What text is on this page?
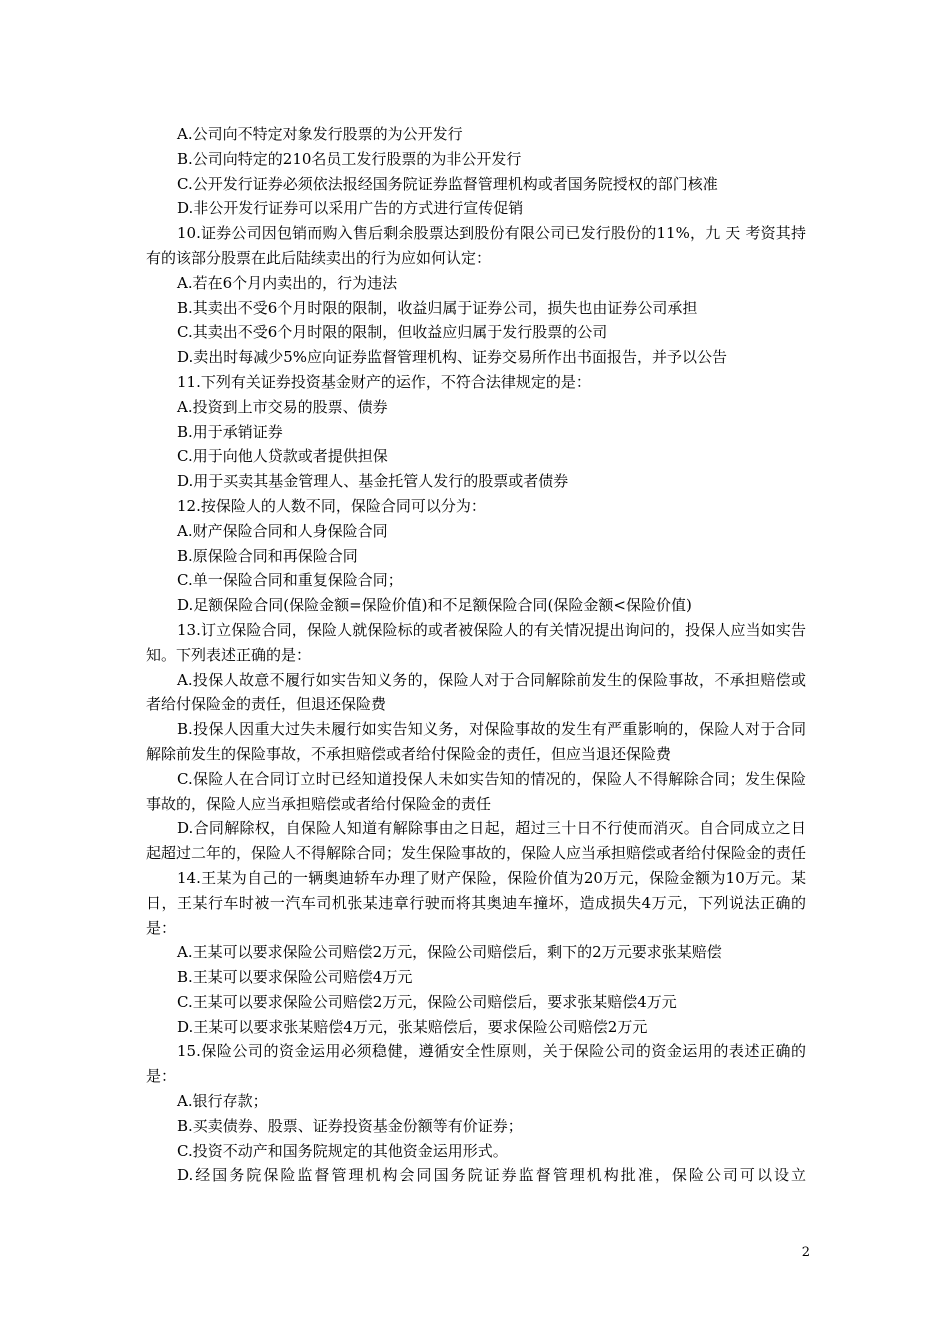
A.公司向不特定对象发行股票的为公开发行

B.公司向特定的210名员工发行股票的为非公开发行

C.公开发行证券必须依法报经国务院证券监督管理机构或者国务院授权的部门核准

D.非公开发行证券可以采用广告的方式进行宣传促销

10.证券公司因包销而购入售后剩余股票达到股份有限公司已发行股份的11%，九 天 考资其持有的该部分股票在此后陆续卖出的行为应如何认定：

A.若在6个月内卖出的，行为违法

B.其卖出不受6个月时限的限制，收益归属于证券公司，损失也由证券公司承担

C.其卖出不受6个月时限的限制，但收益应归属于发行股票的公司

D.卖出时每减少5%应向证券监督管理机构、证券交易所作出书面报告，并予以公告

11.下列有关证券投资基金财产的运作，不符合法律规定的是：

A.投资到上市交易的股票、债券

B.用于承销证券

C.用于向他人贷款或者提供担保

D.用于买卖其基金管理人、基金托管人发行的股票或者债券

12.按保险人的人数不同，保险合同可以分为：

A.财产保险合同和人身保险合同

B.原保险合同和再保险合同

C.单一保险合同和重复保险合同；

D.足额保险合同(保险金额=保险价值)和不足额保险合同(保险金额<保险价值)

13.订立保险合同，保险人就保险标的或者被保险人的有关情况提出询问的，投保人应当如实告知。下列表述正确的是：

A.投保人故意不履行如实告知义务的，保险人对于合同解除前发生的保险事故，不承担赔偿或者给付保险金的责任，但退还保险费

B.投保人因重大过失未履行如实告知义务，对保险事故的发生有严重影响的，保险人对于合同解除前发生的保险事故，不承担赔偿或者给付保险金的责任，但应当退还保险费

C.保险人在合同订立时已经知道投保人未如实告知的情况的，保险人不得解除合同；发生保险事故的，保险人应当承担赔偿或者给付保险金的责任

D.合同解除权，自保险人知道有解除事由之日起，超过三十日不行使而消灭。自合同成立之日起超过二年的，保险人不得解除合同；发生保险事故的，保险人应当承担赔偿或者给付保险金的责任

14.王某为自己的一辆奥迪轿车办理了财产保险，保险价值为20万元，保险金额为10万元。某日，王某行车时被一汽车司机张某违章行驶而将其奥迪车撞坏，造成损失4万元，下列说法正确的是：

A.王某可以要求保险公司赔偿2万元，保险公司赔偿后，剩下的2万元要求张某赔偿

B.王某可以要求保险公司赔偿4万元

C.王某可以要求保险公司赔偿2万元，保险公司赔偿后，要求张某赔偿4万元

D.王某可以要求张某赔偿4万元，张某赔偿后，要求保险公司赔偿2万元

15.保险公司的资金运用必须稳健，遵循安全性原则，关于保险公司的资金运用的表述正确的是：

A.银行存款；

B.买卖债券、股票、证券投资基金份额等有价证券；

C.投资不动产和国务院规定的其他资金运用形式。

D.经国务院保险监督管理机构会同国务院证券监督管理机构批准，保险公司可以设立

2
